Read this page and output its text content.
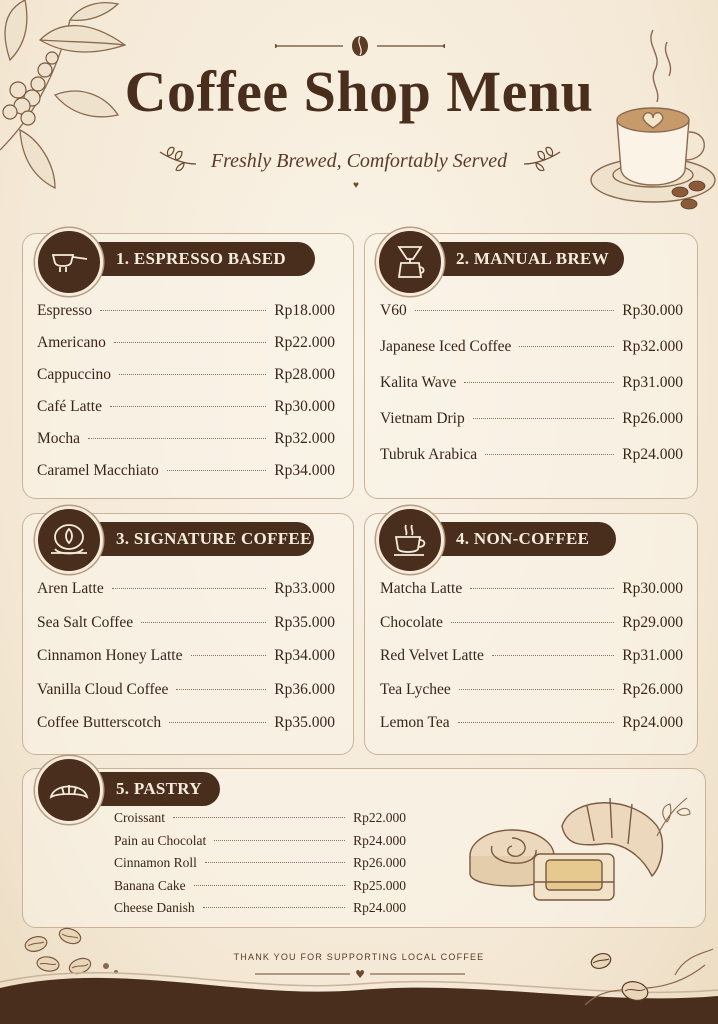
Coffee Shop Menu
Freshly Brewed, Comfortably Served
♥
1. ESPRESSO BASED
Espresso	Rp18.000
Americano	Rp22.000
Cappuccino	Rp28.000
Café Latte	Rp30.000
Mocha	Rp32.000
Caramel Macchiato	Rp34.000
2. MANUAL BREW
V60	Rp30.000
Japanese Iced Coffee	Rp32.000
Kalita Wave	Rp31.000
Vietnam Drip	Rp26.000
Tubruk Arabica	Rp24.000
3. SIGNATURE COFFEE
Aren Latte	Rp33.000
Sea Salt Coffee	Rp35.000
Cinnamon Honey Latte	Rp34.000
Vanilla Cloud Coffee	Rp36.000
Coffee Butterscotch	Rp35.000
4. NON-COFFEE
Matcha Latte	Rp30.000
Chocolate	Rp29.000
Red Velvet Latte	Rp31.000
Tea Lychee	Rp26.000
Lemon Tea	Rp24.000
5. PASTRY
Croissant	Rp22.000
Pain au Chocolat	Rp24.000
Cinnamon Roll	Rp26.000
Banana Cake	Rp25.000
Cheese Danish	Rp24.000
THANK YOU FOR SUPPORTING LOCAL COFFEE
♥
